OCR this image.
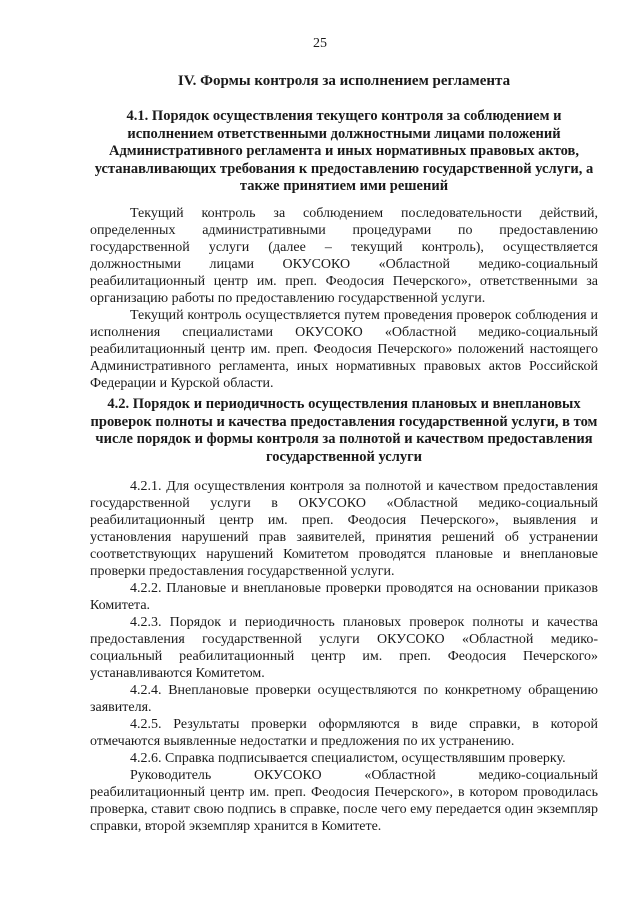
25

IV. Формы контроля за исполнением регламента

4.1. Порядок осуществления текущего контроля за соблюдением и исполнением ответственными должностными лицами положений Административного регламента и иных нормативных правовых актов, устанавливающих требования к предоставлению государственной услуги, а также принятием ими решений

Текущий контроль за соблюдением последовательности действий, определенных административными процедурами по предоставлению государственной услуги (далее – текущий контроль), осуществляется должностными лицами ОКУСОКО «Областной медико-социальный реабилитационный центр им. преп. Феодосия Печерского», ответственными за организацию работы по предоставлению государственной услуги.

Текущий контроль осуществляется путем проведения проверок соблюдения и исполнения специалистами ОКУСОКО «Областной медико-социальный реабилитационный центр им. преп. Феодосия Печерского» положений настоящего Административного регламента, иных нормативных правовых актов Российской Федерации и Курской области.

4.2. Порядок и периодичность осуществления плановых и внеплановых проверок полноты и качества предоставления государственной услуги, в том числе порядок и формы контроля за полнотой и качеством предоставления государственной услуги

4.2.1. Для осуществления контроля за полнотой и качеством предоставления государственной услуги в ОКУСОКО «Областной медико-социальный реабилитационный центр им. преп. Феодосия Печерского», выявления и установления нарушений прав заявителей, принятия решений об устранении соответствующих нарушений Комитетом проводятся плановые и внеплановые проверки предоставления государственной услуги.

4.2.2. Плановые и внеплановые проверки проводятся на основании приказов Комитета.

4.2.3. Порядок и периодичность плановых проверок полноты и качества предоставления государственной услуги ОКУСОКО «Областной медико-социальный реабилитационный центр им. преп. Феодосия Печерского» устанавливаются Комитетом.

4.2.4. Внеплановые проверки осуществляются по конкретному обращению заявителя.

4.2.5. Результаты проверки оформляются в виде справки, в которой отмечаются выявленные недостатки и предложения по их устранению.

4.2.6. Справка подписывается специалистом, осуществлявшим проверку.

Руководитель ОКУСОКО «Областной медико-социальный реабилитационный центр им. преп. Феодосия Печерского», в котором проводилась проверка, ставит свою подпись в справке, после чего ему передается один экземпляр справки, второй экземпляр хранится в Комитете.
